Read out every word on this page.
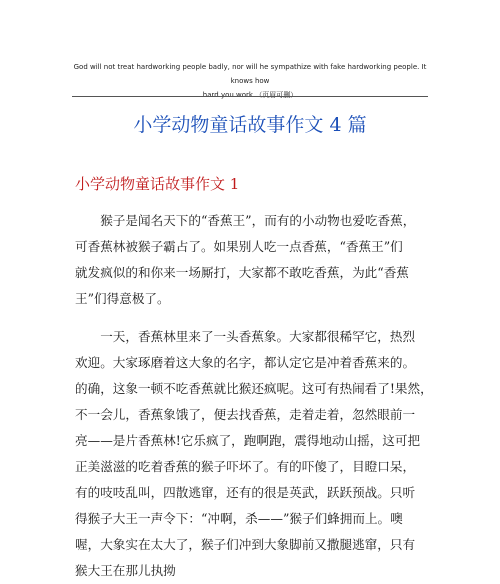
God will not treat hardworking people badly, nor will he sympathize with fake hardworking people. It knows how
hard you work.（页眉可删）
小学动物童话故事作文 4 篇
小学动物童话故事作文 1
　　猴子是闻名天下的“香蕉王”，而有的小动物也爱吃香蕉，
可香蕉林被猴子霸占了。如果别人吃一点香蕉，“香蕉王”们
就发疯似的和你来一场厮打，大家都不敢吃香蕉，为此“香蕉
王”们得意极了。
　　一天，香蕉林里来了一头香蕉象。大家都很稀罕它，热烈
欢迎。大家琢磨着这大象的名字，都认定它是冲着香蕉来的。
的确，这象一顿不吃香蕉就比猴还疯呢。这可有热闹看了!果然，
不一会儿，香蕉象饿了，便去找香蕉，走着走着，忽然眼前一
亮——是片香蕉林!它乐疯了，跑啊跑，震得地动山摇，这可把
正美滋滋的吃着香蕉的猴子吓坏了。有的吓傻了，目瞪口呆，
有的吱吱乱叫，四散逃窜，还有的很是英武，跃跃预战。只听
得猴子大王一声令下：“冲啊，杀——”猴子们蜂拥而上。噢
喔，大象实在太大了，猴子们冲到大象脚前又撒腿逃窜，只有
猴大王在那儿执拗
